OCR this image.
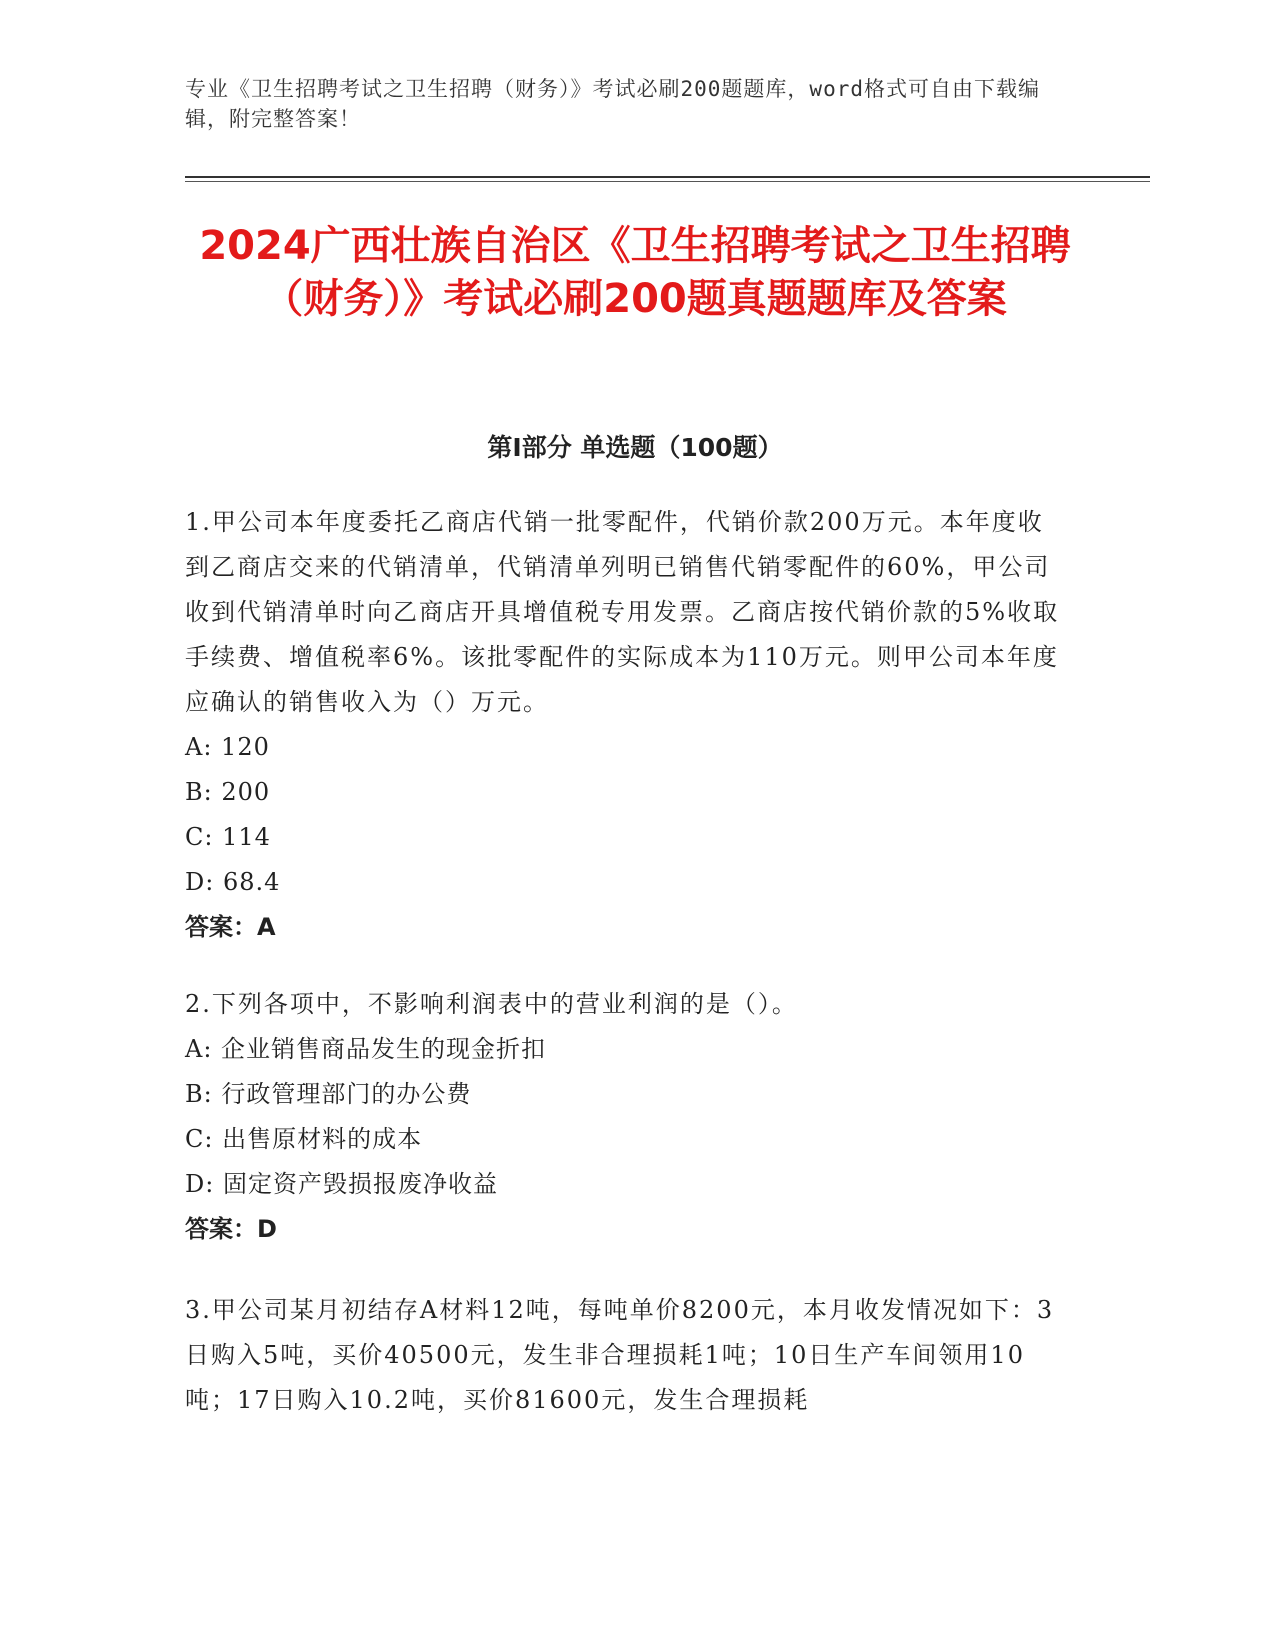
专业《卫生招聘考试之卫生招聘（财务）》考试必刷200题题库，word格式可自由下载编辑，附完整答案！
2024广西壮族自治区《卫生招聘考试之卫生招聘（财务）》考试必刷200题真题题库及答案
第Ⅰ部分 单选题（100题）

1.甲公司本年度委托乙商店代销一批零配件，代销价款200万元。本年度收到乙商店交来的代销清单，代销清单列明已销售代销零配件的60%，甲公司收到代销清单时向乙商店开具增值税专用发票。乙商店按代销价款的5%收取手续费、增值税率6%。该批零配件的实际成本为110万元。则甲公司本年度应确认的销售收入为（）万元。

A: 120

B: 200

C: 114

D: 68.4

答案：A

2.下列各项中，不影响利润表中的营业利润的是（）。

A: 企业销售商品发生的现金折扣

B: 行政管理部门的办公费

C: 出售原材料的成本

D: 固定资产毁损报废净收益

答案：D

3.甲公司某月初结存A材料12吨，每吨单价8200元，本月收发情况如下：3日购入5吨，买价40500元，发生非合理损耗1吨；10日生产车间领用10吨；17日购入10.2吨，买价81600元，发生合理损耗
